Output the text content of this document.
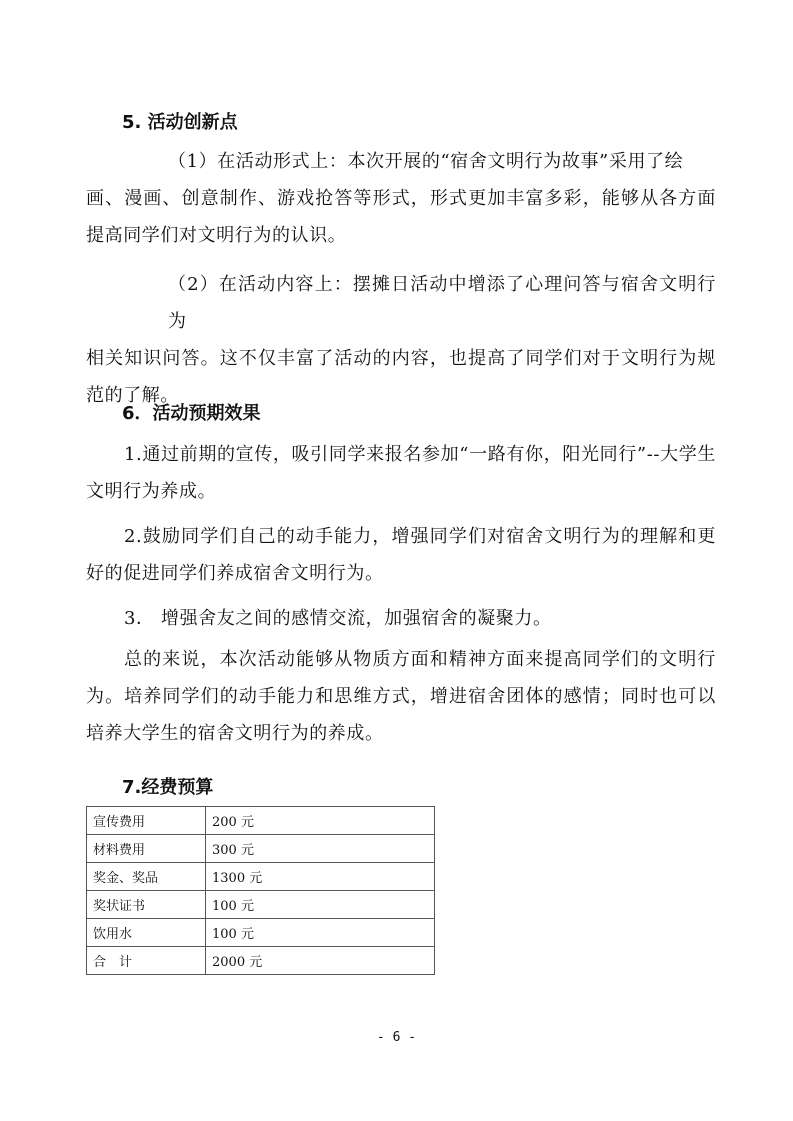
5. 活动创新点
（1）在活动形式上：本次开展的“宿舍文明行为故事”采用了绘
画、漫画、创意制作、游戏抢答等形式，形式更加丰富多彩，能够从各方面提高同学们对文明行为的认识。
（2）在活动内容上：摆摊日活动中增添了心理问答与宿舍文明行为
相关知识问答。这不仅丰富了活动的内容，也提高了同学们对于文明行为规范的了解。
6．活动预期效果
1.通过前期的宣传，吸引同学来报名参加“一路有你，阳光同行”--大学生文明行为养成。
2.鼓励同学们自己的动手能力，增强同学们对宿舍文明行为的理解和更好的促进同学们养成宿舍文明行为。
3． 增强舍友之间的感情交流，加强宿舍的凝聚力。
总的来说，本次活动能够从物质方面和精神方面来提高同学们的文明行为。培养同学们的动手能力和思维方式，增进宿舍团体的感情；同时也可以培养大学生的宿舍文明行为的养成。
7.经费预算
宣传费用	200 元
材料费用	300 元
奖金、奖品	1300 元
奖状证书	100 元
饮用水	100 元
合　计	2000 元
- 6 -
